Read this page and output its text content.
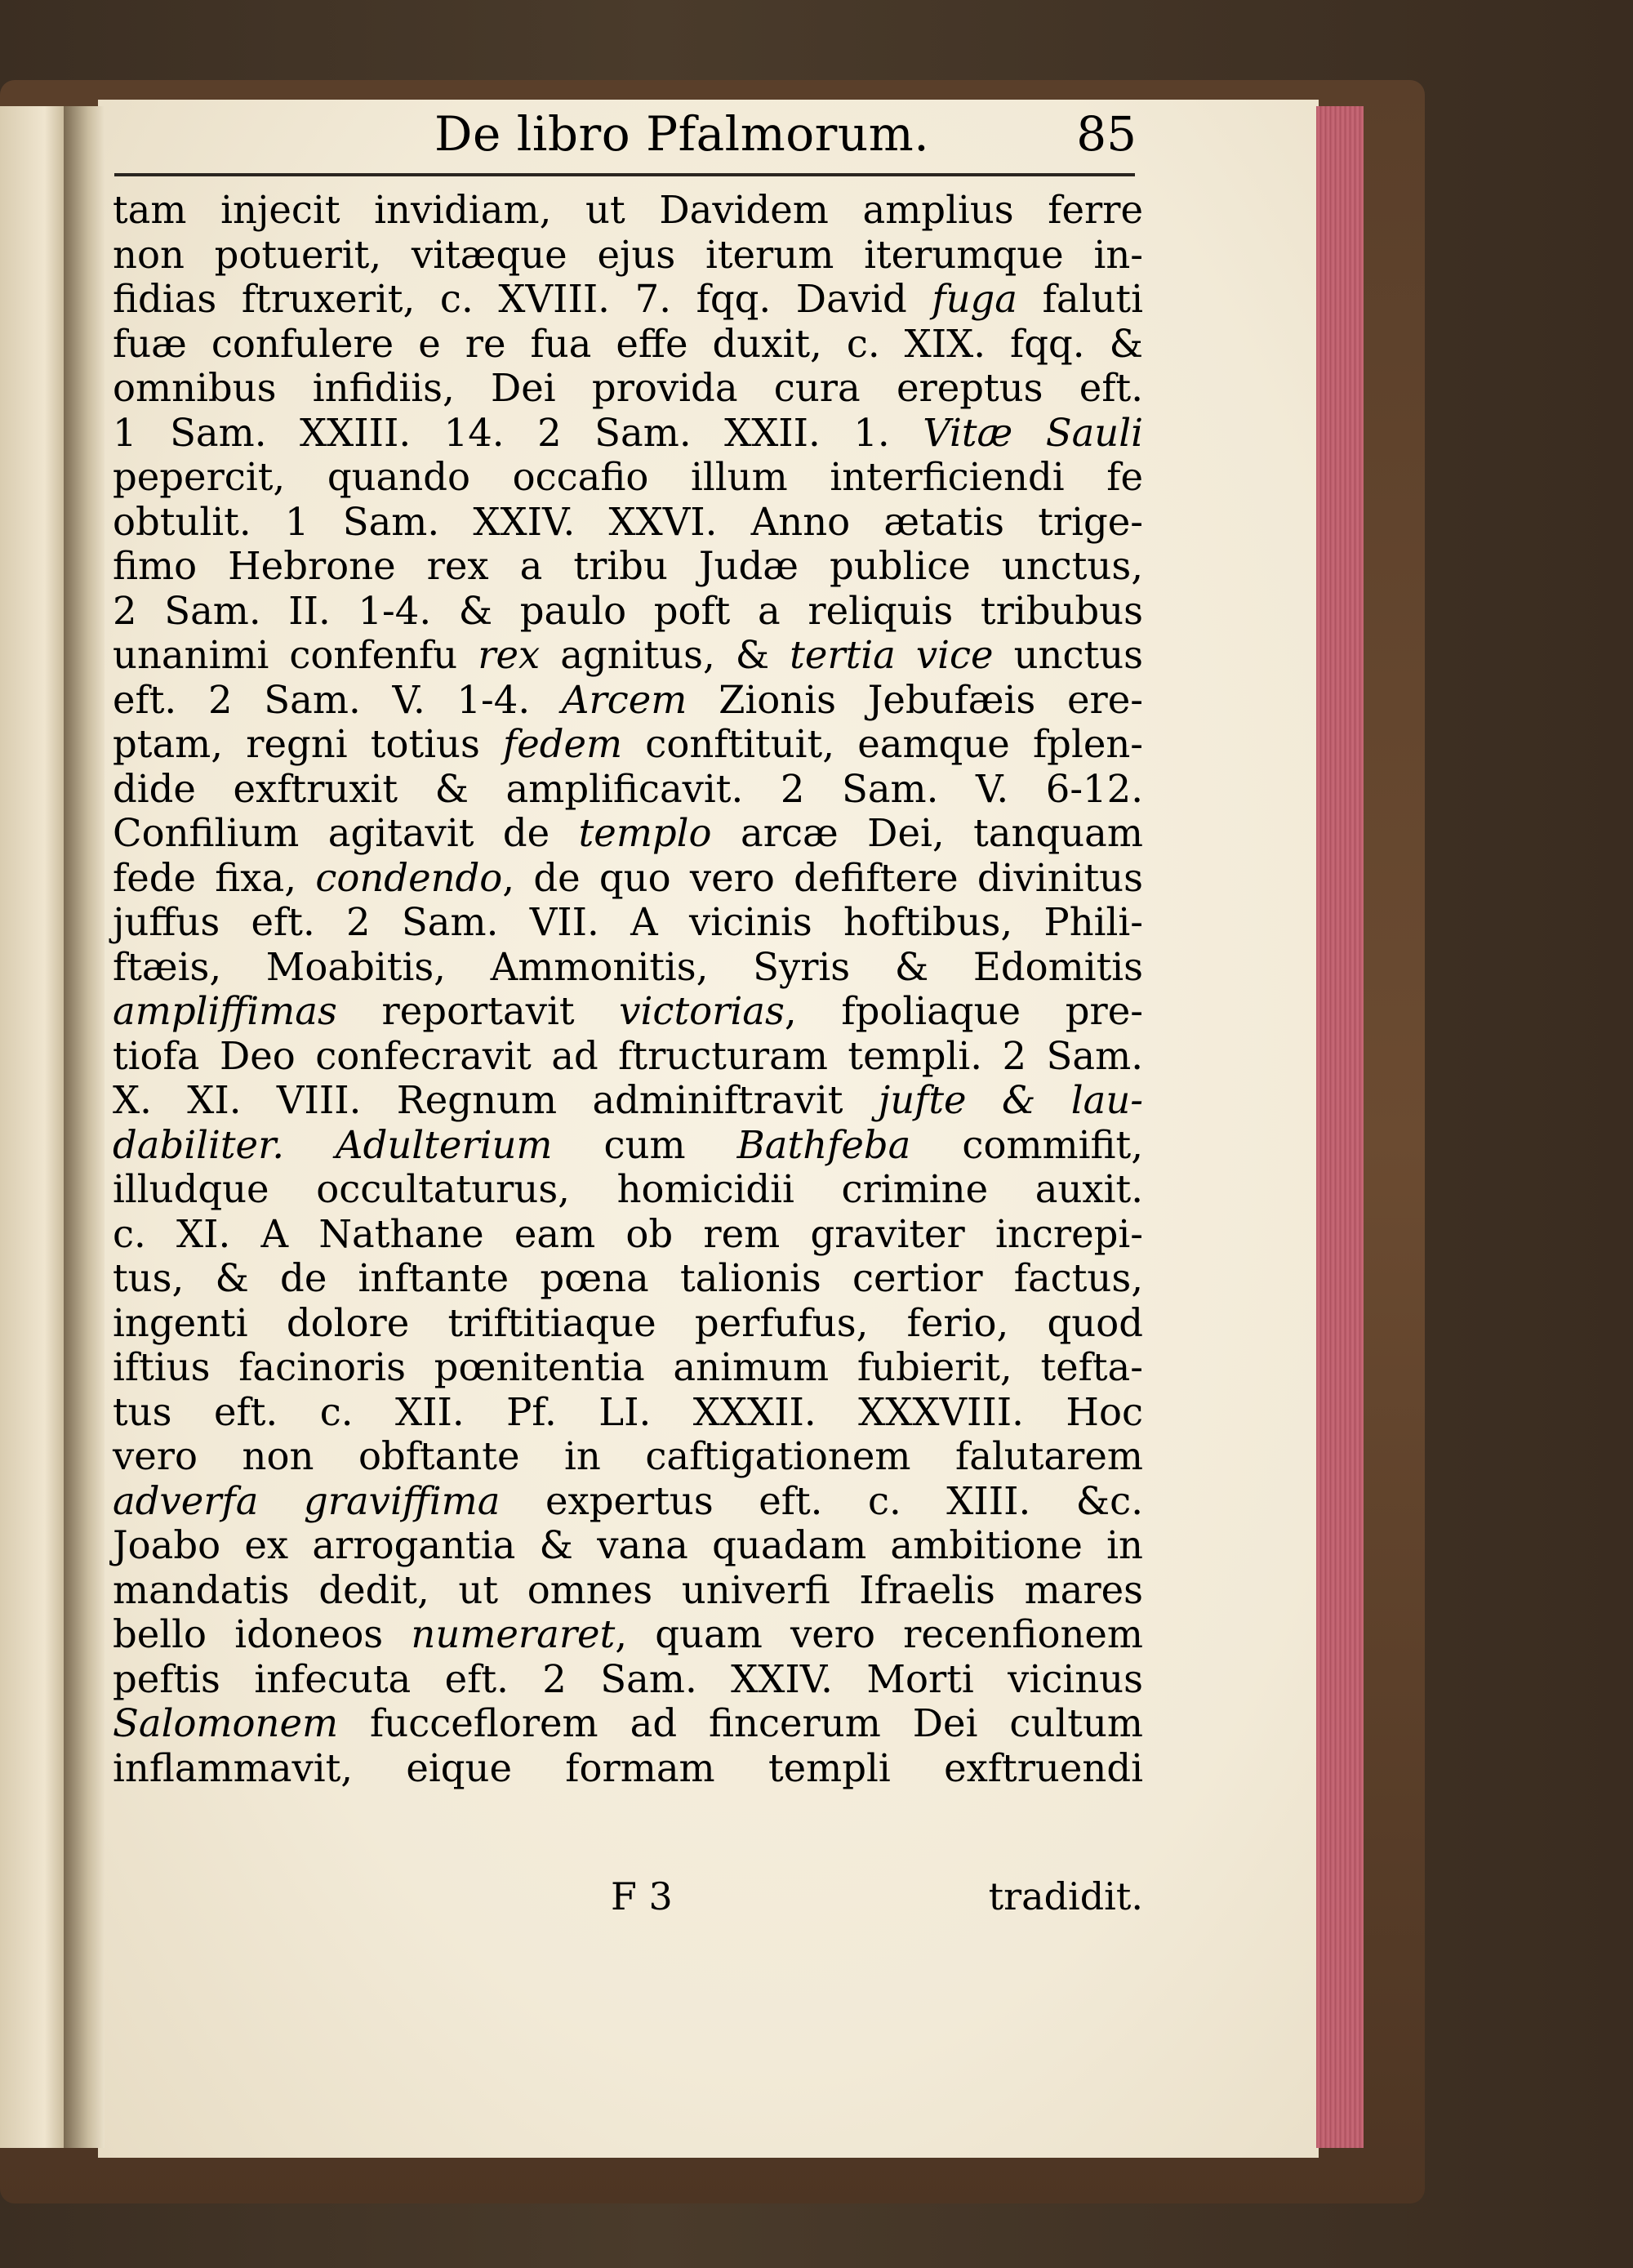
De libro Pfalmorum.	85
tam injecit invidiam, ut Davidem amplius ferre
non potuerit, vitæque ejus iterum iterumque in-
fidias ftruxerit, c. XVIII. 7. fqq. David fuga faluti
fuæ confulere e re fua effe duxit, c. XIX. fqq. &
omnibus infidiis, Dei provida cura ereptus eft.
1 Sam. XXIII. 14. 2 Sam. XXII. 1. Vitæ Sauli
pepercit, quando occafio illum interficiendi fe
obtulit. 1 Sam. XXIV. XXVI. Anno ætatis trige-
fimo Hebrone rex a tribu Judæ publice unctus,
2 Sam. II. 1-4. & paulo poft a reliquis tribubus
unanimi confenfu rex agnitus, & tertia vice unctus
eft. 2 Sam. V. 1-4. Arcem Zionis Jebufæis ere-
ptam, regni totius fedem conftituit, eamque fplen-
dide exftruxit & amplificavit. 2 Sam. V. 6-12.
Confilium agitavit de templo arcæ Dei, tanquam
fede fixa, condendo, de quo vero defiftere divinitus
juffus eft. 2 Sam. VII. A vicinis hoftibus, Phili-
ftæis, Moabitis, Ammonitis, Syris & Edomitis
ampliffimas reportavit victorias, fpoliaque pre-
tiofa Deo confecravit ad ftructuram templi. 2 Sam.
X. XI. VIII. Regnum adminiftravit jufte & lau-
dabiliter. Adulterium cum Bathfeba commifit,
illudque occultaturus, homicidii crimine auxit.
c. XI. A Nathane eam ob rem graviter increpi-
tus, & de inftante pœna talionis certior factus,
ingenti dolore triftitiaque perfufus, ferio, quod
iftius facinoris pœnitentia animum fubierit, tefta-
tus eft. c. XII. Pf. LI. XXXII. XXXVIII. Hoc
vero non obftante in caftigationem falutarem
adverfa graviffima expertus eft. c. XIII. &c.
Joabo ex arrogantia & vana quadam ambitione in
mandatis dedit, ut omnes univerfi Ifraelis mares
bello idoneos numeraret, quam vero recenfionem
peftis infecuta eft. 2 Sam. XXIV. Morti vicinus
Salomonem fucceflorem ad fincerum Dei cultum
inflammavit, eique formam templi exftruendi
F 3	tradidit.
